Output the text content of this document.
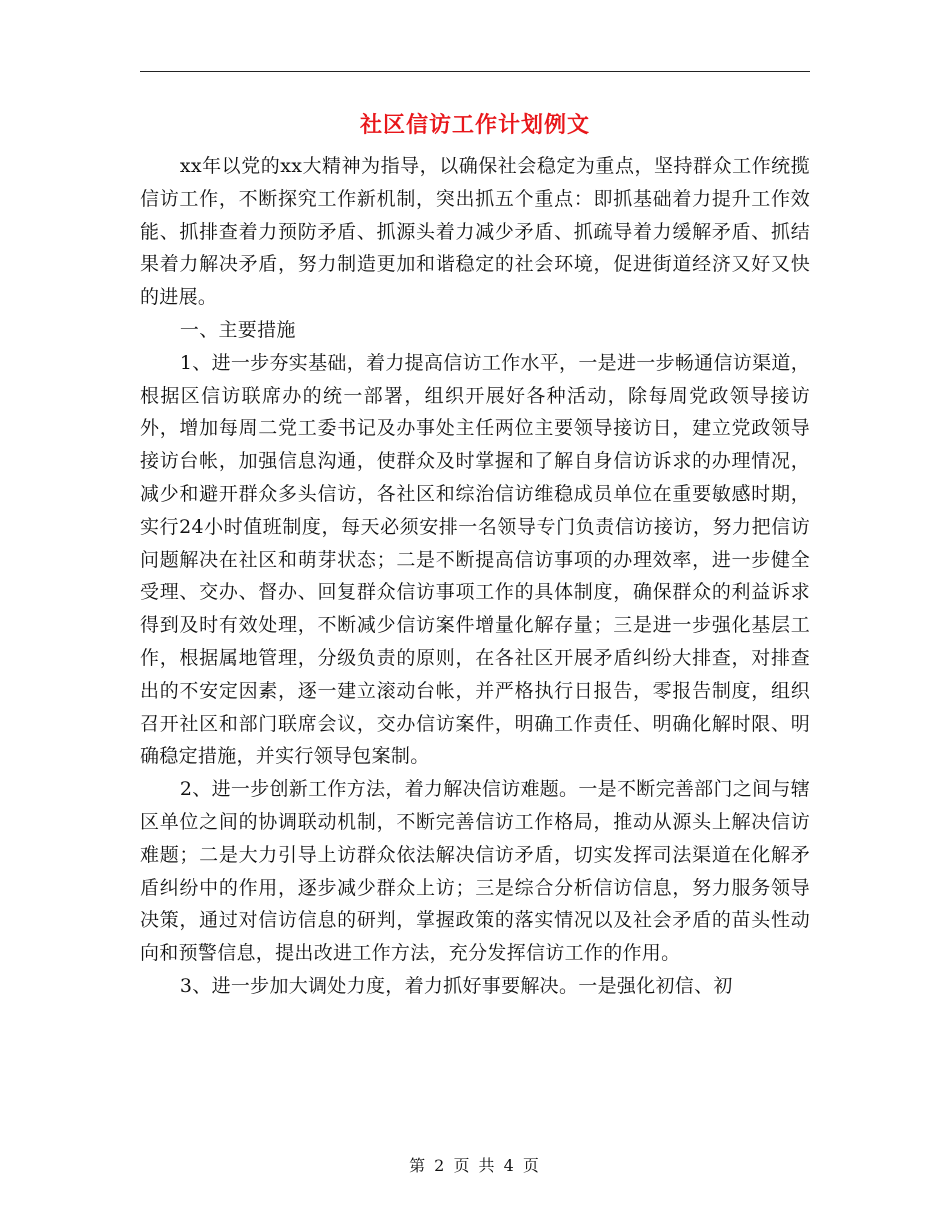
社区信访工作计划例文

xx年以党的xx大精神为指导，以确保社会稳定为重点，坚持群众工作统揽信访工作，不断探究工作新机制，突出抓五个重点：即抓基础着力提升工作效能、抓排查着力预防矛盾、抓源头着力减少矛盾、抓疏导着力缓解矛盾、抓结果着力解决矛盾，努力制造更加和谐稳定的社会环境，促进街道经济又好又快的进展。

一、主要措施

1、进一步夯实基础，着力提高信访工作水平，一是进一步畅通信访渠道，根据区信访联席办的统一部署，组织开展好各种活动，除每周党政领导接访外，增加每周二党工委书记及办事处主任两位主要领导接访日，建立党政领导接访台帐，加强信息沟通，使群众及时掌握和了解自身信访诉求的办理情况，减少和避开群众多头信访，各社区和综治信访维稳成员单位在重要敏感时期，实行24小时值班制度，每天必须安排一名领导专门负责信访接访，努力把信访问题解决在社区和萌芽状态；二是不断提高信访事项的办理效率，进一步健全受理、交办、督办、回复群众信访事项工作的具体制度，确保群众的利益诉求得到及时有效处理，不断减少信访案件增量化解存量；三是进一步强化基层工作，根据属地管理，分级负责的原则，在各社区开展矛盾纠纷大排查，对排查出的不安定因素，逐一建立滚动台帐，并严格执行日报告，零报告制度，组织召开社区和部门联席会议，交办信访案件，明确工作责任、明确化解时限、明确稳定措施，并实行领导包案制。

2、进一步创新工作方法，着力解决信访难题。一是不断完善部门之间与辖区单位之间的协调联动机制，不断完善信访工作格局，推动从源头上解决信访难题；二是大力引导上访群众依法解决信访矛盾，切实发挥司法渠道在化解矛盾纠纷中的作用，逐步减少群众上访；三是综合分析信访信息，努力服务领导决策，通过对信访信息的研判，掌握政策的落实情况以及社会矛盾的苗头性动向和预警信息，提出改进工作方法，充分发挥信访工作的作用。

3、进一步加大调处力度，着力抓好事要解决。一是强化初信、初

第 2 页 共 4 页
